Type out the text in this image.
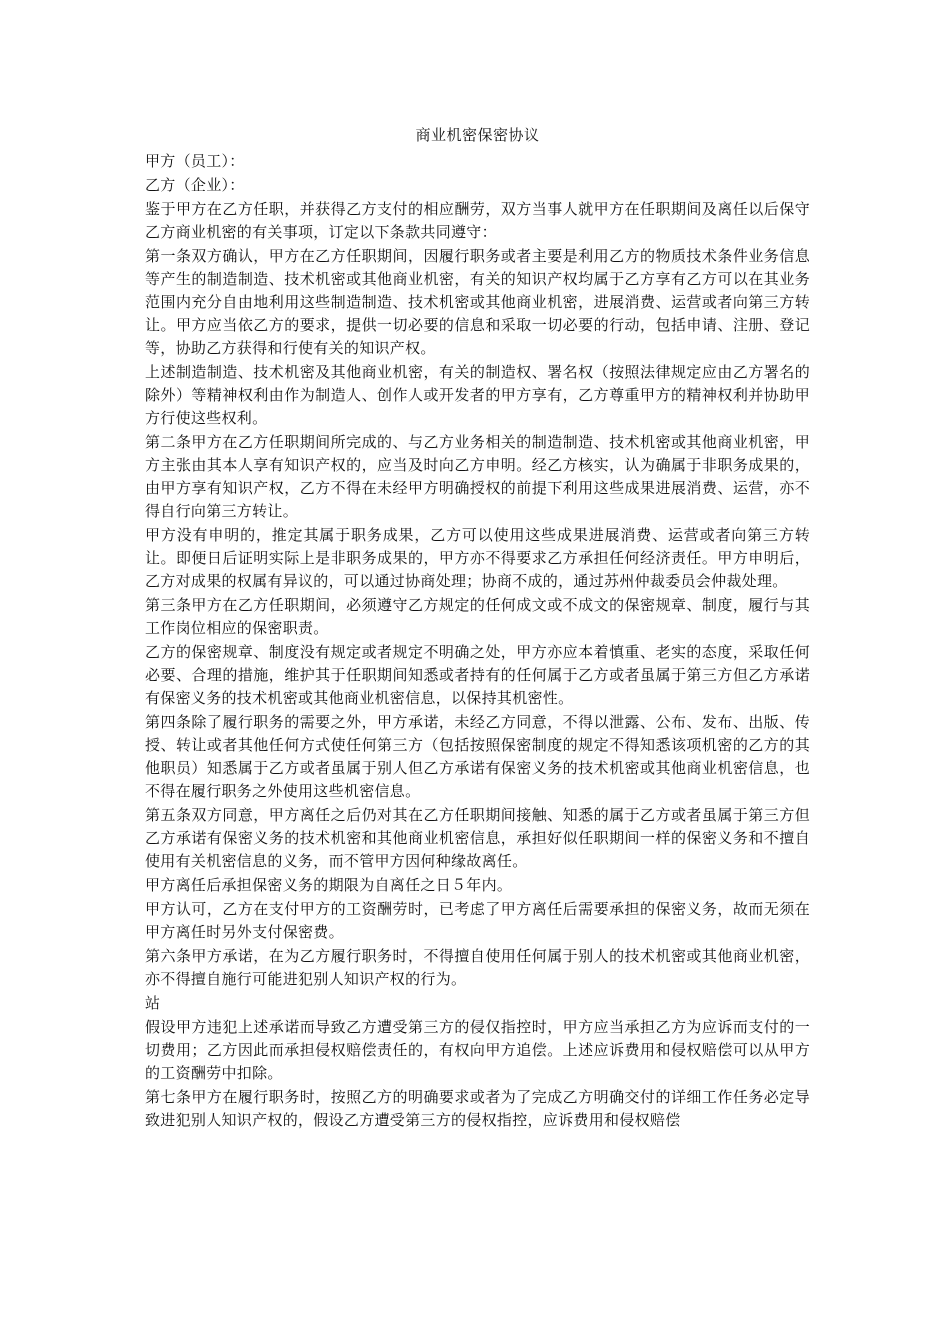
商业机密保密协议
甲方（员工）：
乙方（企业）：
鉴于甲方在乙方任职，并获得乙方支付的相应酬劳，双方当事人就甲方在任职期间及离任以后保守乙方商业机密的有关事项，订定以下条款共同遵守：
第一条双方确认，甲方在乙方任职期间，因履行职务或者主要是利用乙方的物质技术条件业务信息等产生的制造制造、技术机密或其他商业机密，有关的知识产权均属于乙方享有乙方可以在其业务范围内充分自由地利用这些制造制造、技术机密或其他商业机密，进展消费、运营或者向第三方转让。甲方应当依乙方的要求，提供一切必要的信息和采取一切必要的行动，包括申请、注册、登记等，协助乙方获得和行使有关的知识产权。
上述制造制造、技术机密及其他商业机密，有关的制造权、署名权（按照法律规定应由乙方署名的除外）等精神权利由作为制造人、创作人或开发者的甲方享有，乙方尊重甲方的精神权利并协助甲方行使这些权利。
第二条甲方在乙方任职期间所完成的、与乙方业务相关的制造制造、技术机密或其他商业机密，甲方主张由其本人享有知识产权的，应当及时向乙方申明。经乙方核实，认为确属于非职务成果的，由甲方享有知识产权，乙方不得在未经甲方明确授权的前提下利用这些成果进展消费、运营，亦不得自行向第三方转让。
甲方没有申明的，推定其属于职务成果，乙方可以使用这些成果进展消费、运营或者向第三方转让。即便日后证明实际上是非职务成果的，甲方亦不得要求乙方承担任何经济责任。甲方申明后，乙方对成果的权属有异议的，可以通过协商处理；协商不成的，通过苏州仲裁委员会仲裁处理。
第三条甲方在乙方任职期间，必须遵守乙方规定的任何成文或不成文的保密规章、制度，履行与其工作岗位相应的保密职责。
乙方的保密规章、制度没有规定或者规定不明确之处，甲方亦应本着慎重、老实的态度，采取任何必要、合理的措施，维护其于任职期间知悉或者持有的任何属于乙方或者虽属于第三方但乙方承诺有保密义务的技术机密或其他商业机密信息，以保持其机密性。
第四条除了履行职务的需要之外，甲方承诺，未经乙方同意，不得以泄露、公布、发布、出版、传授、转让或者其他任何方式使任何第三方（包括按照保密制度的规定不得知悉该项机密的乙方的其他职员）知悉属于乙方或者虽属于别人但乙方承诺有保密义务的技术机密或其他商业机密信息，也不得在履行职务之外使用这些机密信息。
第五条双方同意，甲方离任之后仍对其在乙方任职期间接触、知悉的属于乙方或者虽属于第三方但乙方承诺有保密义务的技术机密和其他商业机密信息，承担好似任职期间一样的保密义务和不擅自使用有关机密信息的义务，而不管甲方因何种缘故离任。
甲方离任后承担保密义务的期限为自离任之日５年内。
甲方认可，乙方在支付甲方的工资酬劳时，已考虑了甲方离任后需要承担的保密义务，故而无须在甲方离任时另外支付保密费。
第六条甲方承诺，在为乙方履行职务时，不得擅自使用任何属于别人的技术机密或其他商业机密，亦不得擅自施行可能进犯别人知识产权的行为。
站
假设甲方违犯上述承诺而导致乙方遭受第三方的侵仅指控时，甲方应当承担乙方为应诉而支付的一切费用；乙方因此而承担侵权赔偿责任的，有权向甲方追偿。上述应诉费用和侵权赔偿可以从甲方的工资酬劳中扣除。
第七条甲方在履行职务时，按照乙方的明确要求或者为了完成乙方明确交付的详细工作任务必定导致进犯别人知识产权的，假设乙方遭受第三方的侵权指控，应诉费用和侵权赔偿
